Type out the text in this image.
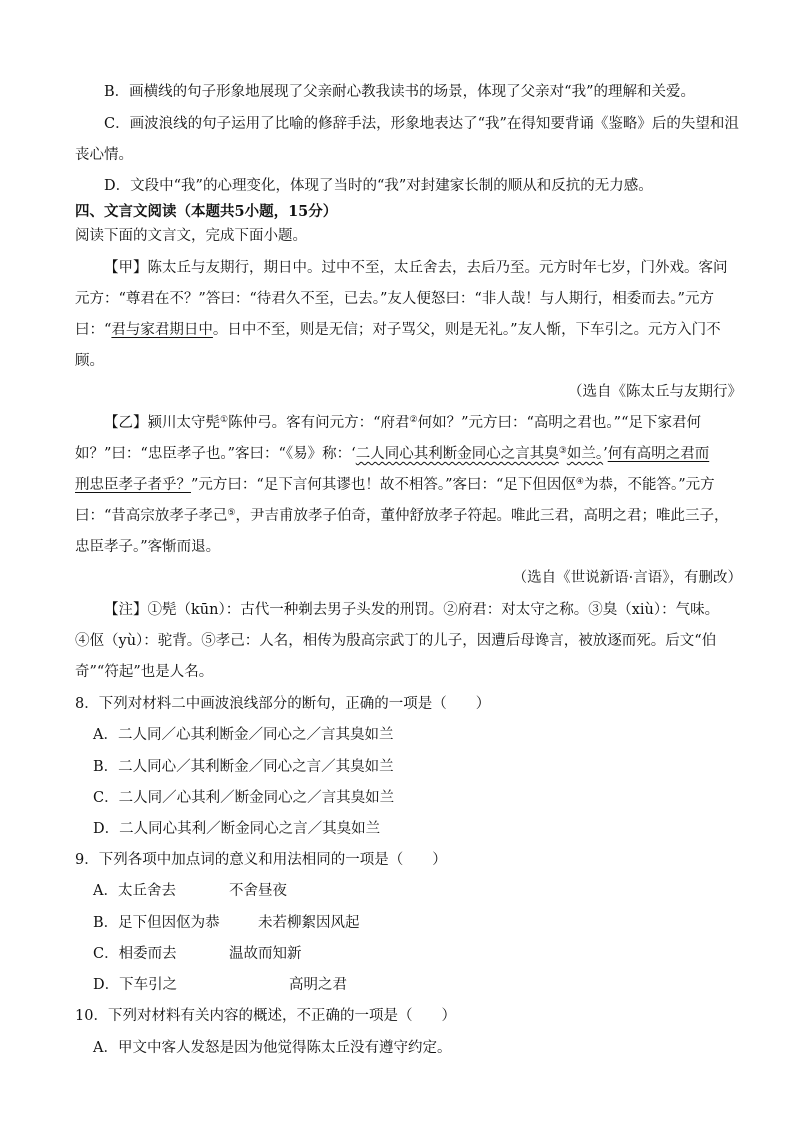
B．画横线的句子形象地展现了父亲耐心教我读书的场景，体现了父亲对“我”的理解和关爱。
C．画波浪线的句子运用了比喻的修辞手法，形象地表达了“我”在得知要背诵《鉴略》后的失望和沮
丧心情。
D．文段中“我”的心理变化，体现了当时的“我”对封建家长制的顺从和反抗的无力感。
四、文言文阅读（本题共5小题，15分）
阅读下面的文言文，完成下面小题。
【甲】陈太丘与友期行，期日中。过中不至，太丘舍去，去后乃至。元方时年七岁，门外戏。客问
元方：“尊君在不？”答曰：“待君久不至，已去。”友人便怒曰：“非人哉！与人期行，相委而去。”元方
曰：“君与家君期日中。日中不至，则是无信；对子骂父，则是无礼。”友人惭，下车引之。元方入门不
顾。
（选自《陈太丘与友期行》
【乙】颍川太守髡①陈仲弓。客有问元方：“府君②何如？”元方曰：“高明之君也。”“足下家君何
如？”曰：“忠臣孝子也。”客曰：“《易》称：‘二人同心其利断金同心之言其臭③如兰。’何有高明之君而
刑忠臣孝子者乎？”元方曰：“足下言何其谬也！故不相答。”客曰：“足下但因伛④为恭，不能答。”元方
曰：“昔高宗放孝子孝己⑤，尹吉甫放孝子伯奇，董仲舒放孝子符起。唯此三君，高明之君；唯此三子，
忠臣孝子。”客惭而退。
（选自《世说新语·言语》，有删改）
【注】①髡（kūn）：古代一种剃去男子头发的刑罚。②府君：对太守之称。③臭（xiù）：气味。
④伛（yù）：驼背。⑤孝己：人名，相传为殷高宗武丁的儿子，因遭后母谗言，被放逐而死。后文“伯
奇”“符起”也是人名。
8．下列对材料二中画波浪线部分的断句，正确的一项是（　　）
A．二人同／心其利断金／同心之／言其臭如兰
B．二人同心／其利断金／同心之言／其臭如兰
C．二人同／心其利／断金同心之／言其臭如兰
D．二人同心其利／断金同心之言／其臭如兰
9．下列各项中加点词的意义和用法相同的一项是（　　）
A．太丘舍去	不舍昼夜
B．足下但因伛为恭	未若柳絮因风起
C．相委而去	温故而知新
D．下车引之	高明之君
10．下列对材料有关内容的概述，不正确的一项是（　　）
A．甲文中客人发怒是因为他觉得陈太丘没有遵守约定。
